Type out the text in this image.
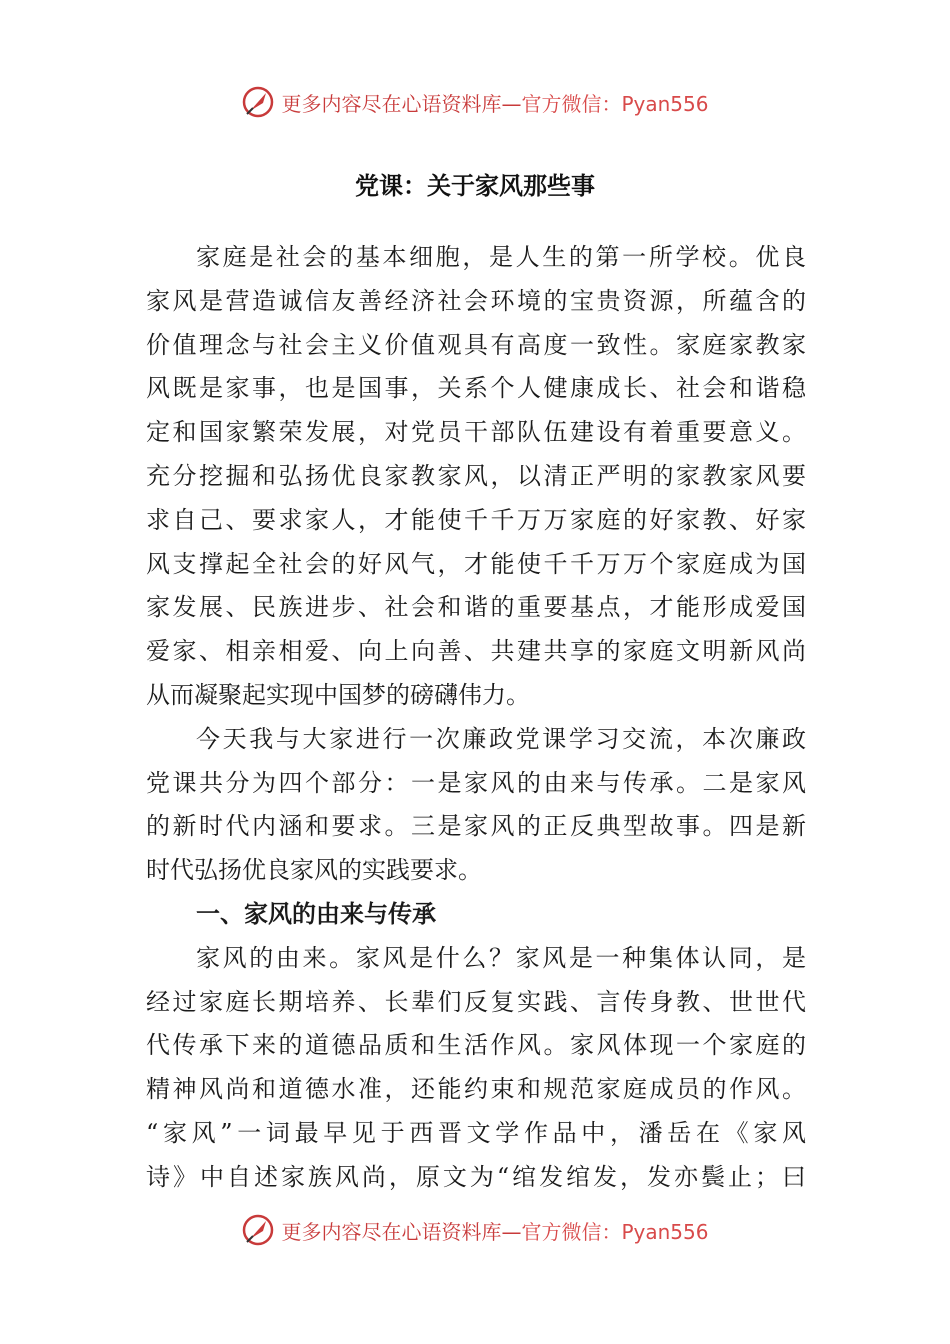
更多内容尽在心语资料库—官方微信：Pyan556
党课：关于家风那些事
家庭是社会的基本细胞，是人生的第一所学校。优良
家风是营造诚信友善经济社会环境的宝贵资源，所蕴含的
价值理念与社会主义价值观具有高度一致性。家庭家教家
风既是家事，也是国事，关系个人健康成长、社会和谐稳
定和国家繁荣发展，对党员干部队伍建设有着重要意义。
充分挖掘和弘扬优良家教家风，以清正严明的家教家风要
求自己、要求家人，才能使千千万万家庭的好家教、好家
风支撑起全社会的好风气，才能使千千万万个家庭成为国
家发展、民族进步、社会和谐的重要基点，才能形成爱国
爱家、相亲相爱、向上向善、共建共享的家庭文明新风尚
从而凝聚起实现中国梦的磅礴伟力。
今天我与大家进行一次廉政党课学习交流，本次廉政
党课共分为四个部分：一是家风的由来与传承。二是家风
的新时代内涵和要求。三是家风的正反典型故事。四是新
时代弘扬优良家风的实践要求。
一、家风的由来与传承
家风的由来。家风是什么？家风是一种集体认同，是
经过家庭长期培养、长辈们反复实践、言传身教、世世代
代传承下来的道德品质和生活作风。家风体现一个家庭的
精神风尚和道德水准，还能约束和规范家庭成员的作风。
“家风”一词最早见于西晋文学作品中，潘岳在《家风
诗》中自述家族风尚，原文为“绾发绾发，发亦鬓止；曰
更多内容尽在心语资料库—官方微信：Pyan556
